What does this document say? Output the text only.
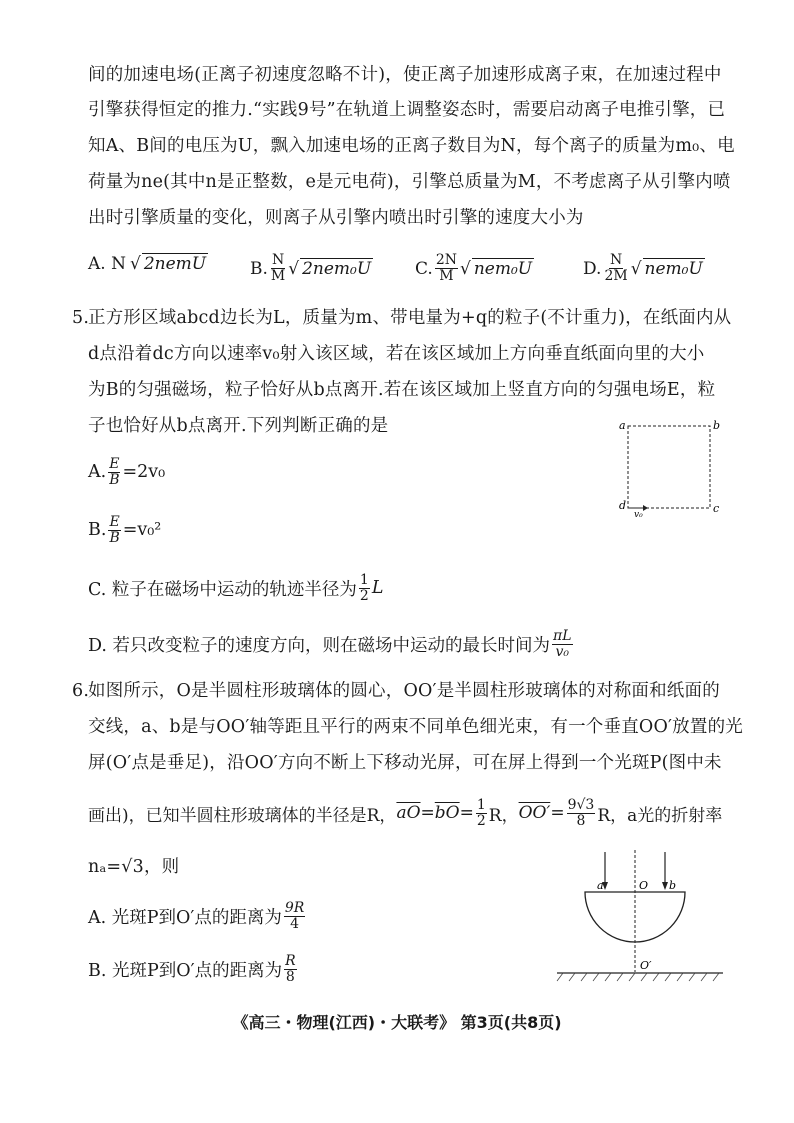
间的加速电场(正离子初速度忽略不计)，使正离子加速形成离子束，在加速过程中
引擎获得恒定的推力.“实践9号”在轨道上调整姿态时，需要启动离子电推引擎，已
知A、B间的电压为U，飘入加速电场的正离子数目为N，每个离子的质量为m₀、电
荷量为ne(其中n是正整数，e是元电荷)，引擎总质量为M，不考虑离子从引擎内喷
出时引擎质量的变化，则离子从引擎内喷出时引擎的速度大小为
A. N √ 2nemU	B. $\frac{N}{M}$ √ 2nem₀U	C. $\frac{2N}{M}$ √ nem₀U	D. $\frac{N}{2M}$ √ nem₀U
5.
正方形区域abcd边长为L，质量为m、带电量为+q的粒子(不计重力)，在纸面内从
d点沿着dc方向以速率v₀射入该区域，若在该区域加上方向垂直纸面向里的大小
为B的匀强磁场，粒子恰好从b点离开.若在该区域加上竖直方向的匀强电场E，粒
子也恰好从b点离开.下列判断正确的是
A. $\frac{E}{B} =2v_0$
B. $\frac{E}{B} =v_0^2$
C. 粒子在磁场中运动的轨迹半径为 $\frac{1}{2}$ L
D. 若只改变粒子的速度方向，则在磁场中运动的最长时间为 $\frac{\pi L}{\text{v₀}}$
a	b
c
d
v₀
6.
如图所示，O是半圆柱形玻璃体的圆心，OO′是半圆柱形玻璃体的对称面和纸面的
交线，a、b是与OO′轴等距且平行的两束不同单色细光束，有一个垂直OO′放置的光
屏(O′点是垂足)，沿OO′方向不断上下移动光屏，可在屏上得到一个光斑P(图中未
画出)，已知半圆柱形玻璃体的半径是R， $\overline{aO} = \overline{bO} = \frac{1}{2}$ R， $OO' = \frac{9√3}{8}$ R，a光的折射率
nₐ=√3，则
A. 光斑P到O′点的距离为 $\frac{9R}{4}$
B. 光斑P到O′点的距离为 $\frac{R}{8}$
a	O b
O′
《高三・物理(江西)・大联考》 第3页(共8页)
